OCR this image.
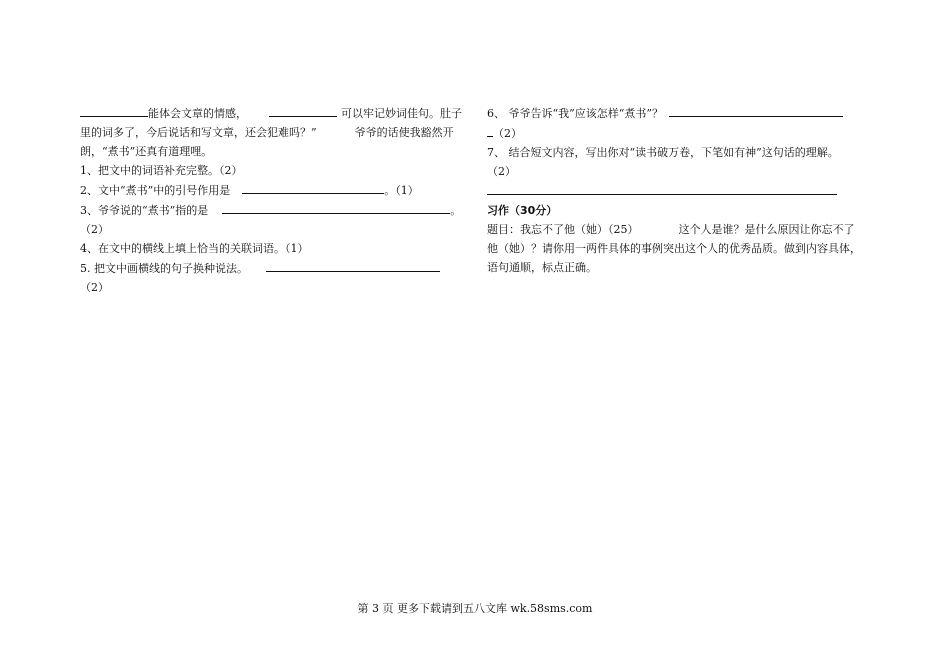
能体会文章的情感，	可以牢记妙词佳句。肚子
里的词多了，今后说话和写文章，还会犯难吗？”	爷爷的话使我豁然开
朗，“煮书”还真有道理哩。
1、把文中的词语补充完整。（2）
2、文中“煮书”中的引号作用是	。（1）
3、爷爷说的“煮书”指的是	。
（2）
4、在文中的横线上填上恰当的关联词语。（1）
5. 把文中画横线的句子换种说法。
（2）
6、 爷爷告诉“我”应该怎样“煮书”？
（2）
7、 结合短文内容，写出你对“读书破万卷，下笔如有神”这句话的理解。
（2）
习作（30分）
题目：我忘不了他（她）（25）	这个人是谁？是什么原因让你忘不了
他（她）？请你用一两件具体的事例突出这个人的优秀品质。做到内容具体，
语句通顺，标点正确。
第 3 页 更多下载请到五八文库 wk.58sms.com
